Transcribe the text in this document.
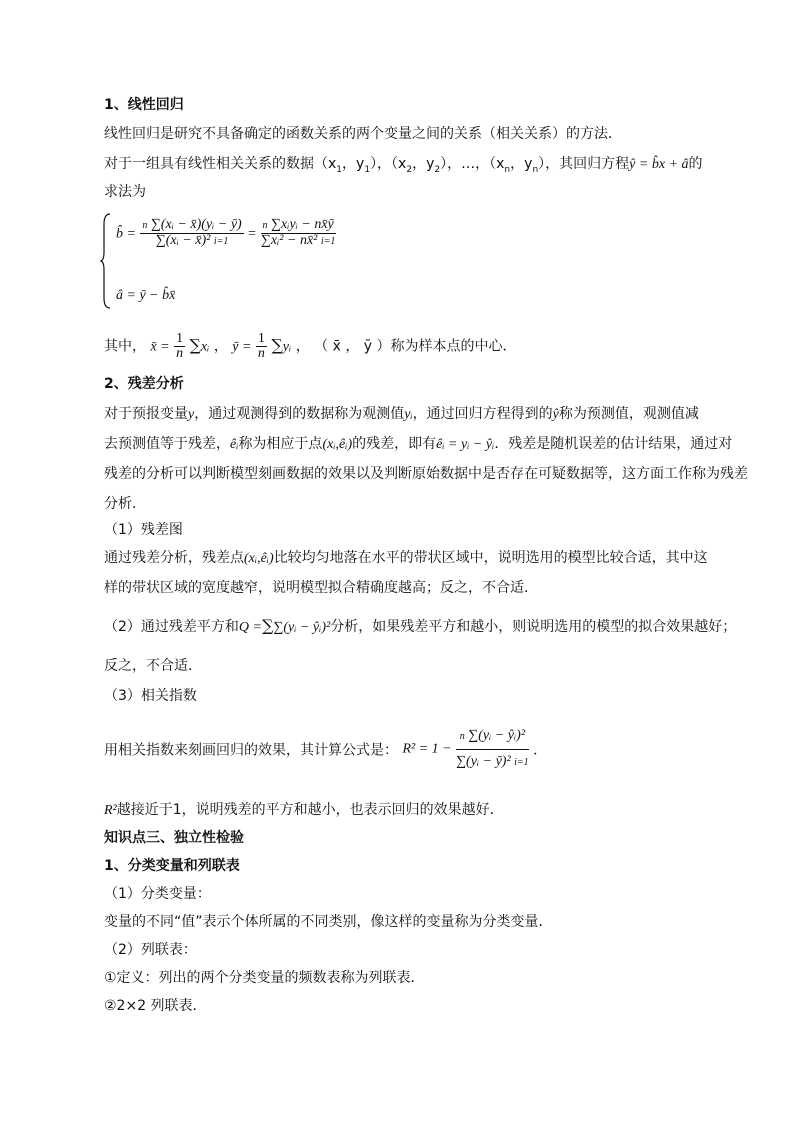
1、线性回归
线性回归是研究不具备确定的函数关系的两个变量之间的关系（相关关系）的方法．
对于一组具有线性相关关系的数据（$x_1$，$y_1$），（$x_2$，$y_2$），…，（$x_n$，$y_n$），其回归方程ŷ = b̂x + â的
求法为
b̂ = $\frac{\text{n ∑(xᵢ − x̄)(yᵢ − ȳ)}}{\text{∑(xᵢ − x̄)² i=1}} = \frac{\text{n ∑xᵢyᵢ − nx̄ȳ}}{\text{∑xᵢ² − nx̄² i=1}}$
â = ȳ − b̂x̄
其中， x̄ = $\frac{1}{n}$ ∑xᵢ ， ȳ = $\frac{1}{n}$ ∑yᵢ ， （ x̄ ， ȳ ）称为样本点的中心．
2、残差分析
对于预报变量y，通过观测得到的数据称为观测值yᵢ，通过回归方程得到的ŷ称为预测值，观测值减
去预测值等于残差，êᵢ称为相应于点(xᵢ,êᵢ)的残差，即有êᵢ = yᵢ − ŷᵢ．残差是随机误差的估计结果，通过对
残差的分析可以判断模型刻画数据的效果以及判断原始数据中是否存在可疑数据等，这方面工作称为残差
分析．
（1）残差图
通过残差分析，残差点(xᵢ,êᵢ)比较均匀地落在水平的带状区域中，说明选用的模型比较合适，其中这
样的带状区域的宽度越窄，说明模型拟合精确度越高；反之，不合适．
（2）通过残差平方和Q =∑∑(yᵢ − ŷᵢ)²分析，如果残差平方和越小，则说明选用的模型的拟合效果越好；
反之，不合适．
（3）相关指数
用相关指数来刻画回归的效果，其计算公式是： $R^2 = 1 - \frac{\text{n ∑(yᵢ − ŷᵢ)²}}{\text{∑(yᵢ − ȳ)² i=1}}$ ．
R²越接近于1，说明残差的平方和越小，也表示回归的效果越好．
知识点三、独立性检验
1、分类变量和列联表
（1）分类变量：
变量的不同“值”表示个体所属的不同类别，像这样的变量称为分类变量．
（2）列联表：
①定义：列出的两个分类变量的频数表称为列联表．
②2×2 列联表．
